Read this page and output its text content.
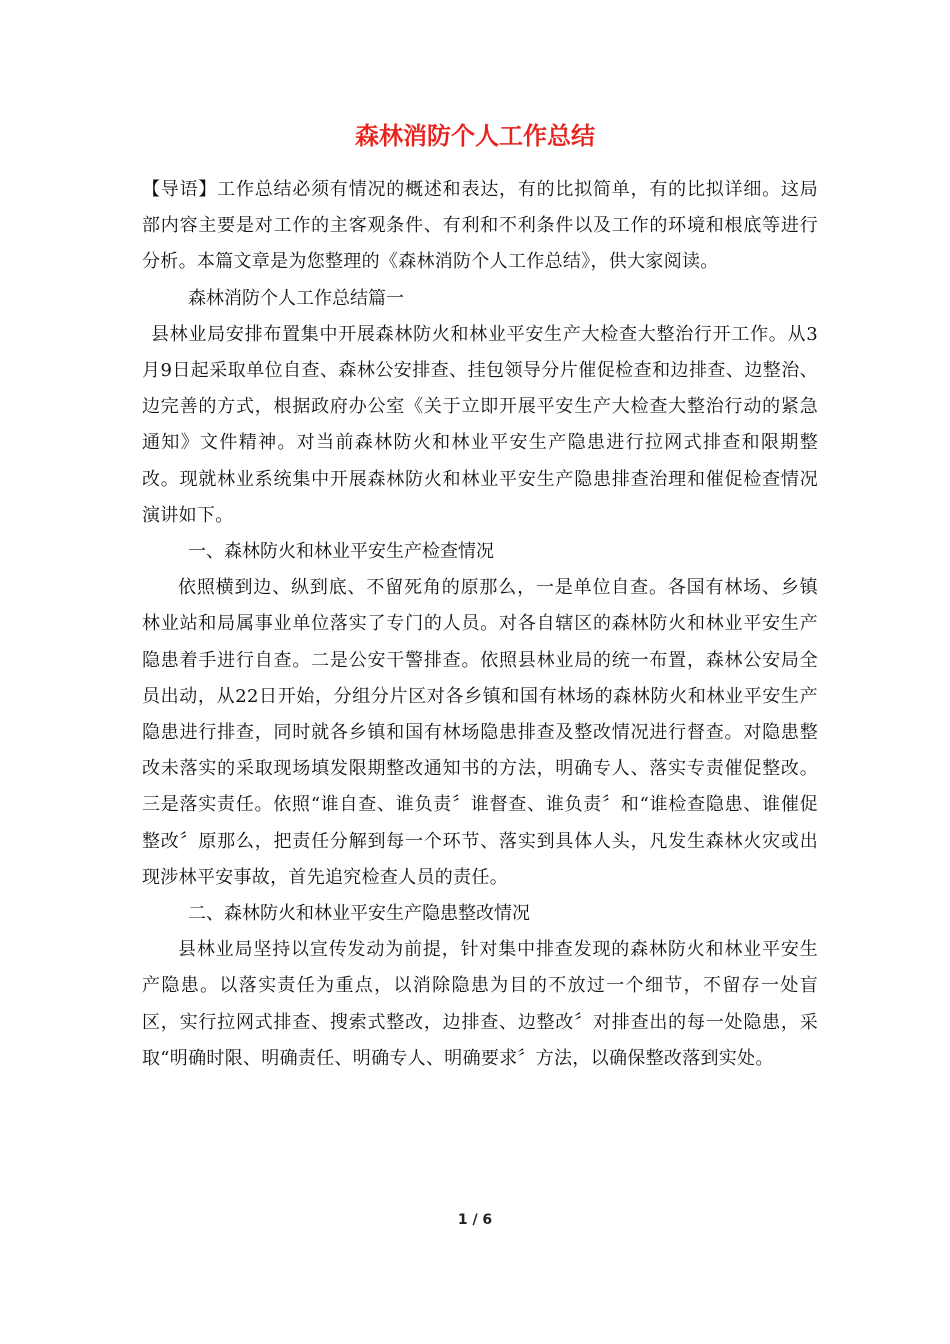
森林消防个人工作总结

【导语】工作总结必须有情况的概述和表达，有的比拟简单，有的比拟详细。这局部内容主要是对工作的主客观条件、有利和不利条件以及工作的环境和根底等进行分析。本篇文章是为您整理的《森林消防个人工作总结》，供大家阅读。

森林消防个人工作总结篇一

县林业局安排布置集中开展森林防火和林业平安生产大检查大整治行开工作。从3月9日起采取单位自查、森林公安排查、挂包领导分片催促检查和边排查、边整治、边完善的方式，根据政府办公室《关于立即开展平安生产大检查大整治行动的紧急通知》文件精神。对当前森林防火和林业平安生产隐患进行拉网式排查和限期整改。现就林业系统集中开展森林防火和林业平安生产隐患排查治理和催促检查情况演讲如下。

一、森林防火和林业平安生产检查情况

依照横到边、纵到底、不留死角的原那么，一是单位自查。各国有林场、乡镇林业站和局属事业单位落实了专门的人员。对各自辖区的森林防火和林业平安生产隐患着手进行自查。二是公安干警排查。依照县林业局的统一布置，森林公安局全员出动，从22日开始，分组分片区对各乡镇和国有林场的森林防火和林业平安生产隐患进行排查，同时就各乡镇和国有林场隐患排查及整改情况进行督查。对隐患整改未落实的采取现场填发限期整改通知书的方法，明确专人、落实专责催促整改。三是落实责任。依照“谁自查、谁负责〞谁督查、谁负责〞和“谁检查隐患、谁催促整改〞原那么，把责任分解到每一个环节、落实到具体人头，凡发生森林火灾或出现涉林平安事故，首先追究检查人员的责任。

二、森林防火和林业平安生产隐患整改情况

县林业局坚持以宣传发动为前提，针对集中排查发现的森林防火和林业平安生产隐患。以落实责任为重点，以消除隐患为目的不放过一个细节，不留存一处盲区，实行拉网式排查、搜索式整改，边排查、边整改〞对排查出的每一处隐患，采取“明确时限、明确责任、明确专人、明确要求〞方法，以确保整改落到实处。

1 / 6
